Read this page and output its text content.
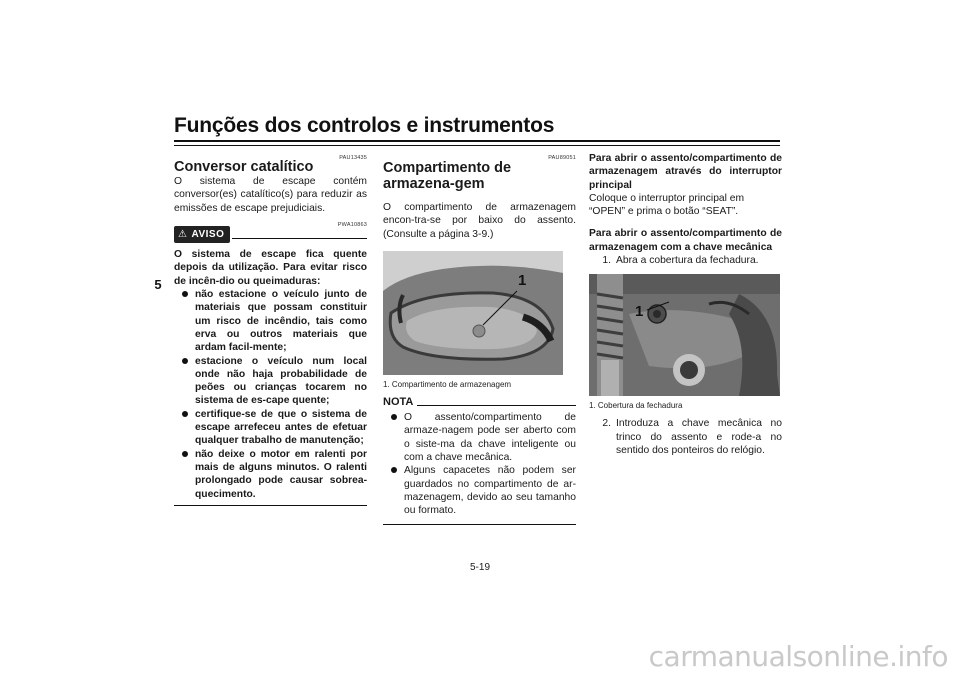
Funções dos controlos e instrumentos
5
PAU13435
Conversor catalítico

O sistema de escape contém conversor(es) catalítico(s) para reduzir as emissões de escape prejudiciais.

PWA10863
⚠ AVISO

O sistema de escape fica quente depois da utilização. Para evitar risco de incên-dio ou queimaduras:

não estacione o veículo junto de materiais que possam constituir um risco de incêndio, tais como erva ou outros materiais que ardam facil-mente;
estacione o veículo num local onde não haja probabilidade de peões ou crianças tocarem no sistema de es-cape quente;
certifique-se de que o sistema de escape arrefeceu antes de efetuar qualquer trabalho de manutenção;
não deixe o motor em ralenti por mais de alguns minutos. O ralenti prolongado pode causar sobrea-quecimento.
PAU89051
Compartimento de armazena-gem

O compartimento de armazenagem encon-tra-se por baixo do assento. (Consulte a página 3-9.)

1
1. Compartimento de armazenagem
NOTA
O assento/compartimento de armaze-nagem pode ser aberto com o siste-ma da chave inteligente ou com a chave mecânica.
Alguns capacetes não podem ser guardados no compartimento de ar-mazenagem, devido ao seu tamanho ou formato.

Para abrir o assento/compartimento de armazenagem através do interruptor principal

Coloque o interruptor principal em “OPEN” e prima o botão “SEAT”.

Para abrir o assento/compartimento de armazenagem com a chave mecânica

1. Abra a cobertura da fechadura.
1
1. Cobertura da fechadura
2. Introduza a chave mecânica no trinco do assento e rode-a no sentido dos ponteiros do relógio.
5-19
carmanualsonline.info
